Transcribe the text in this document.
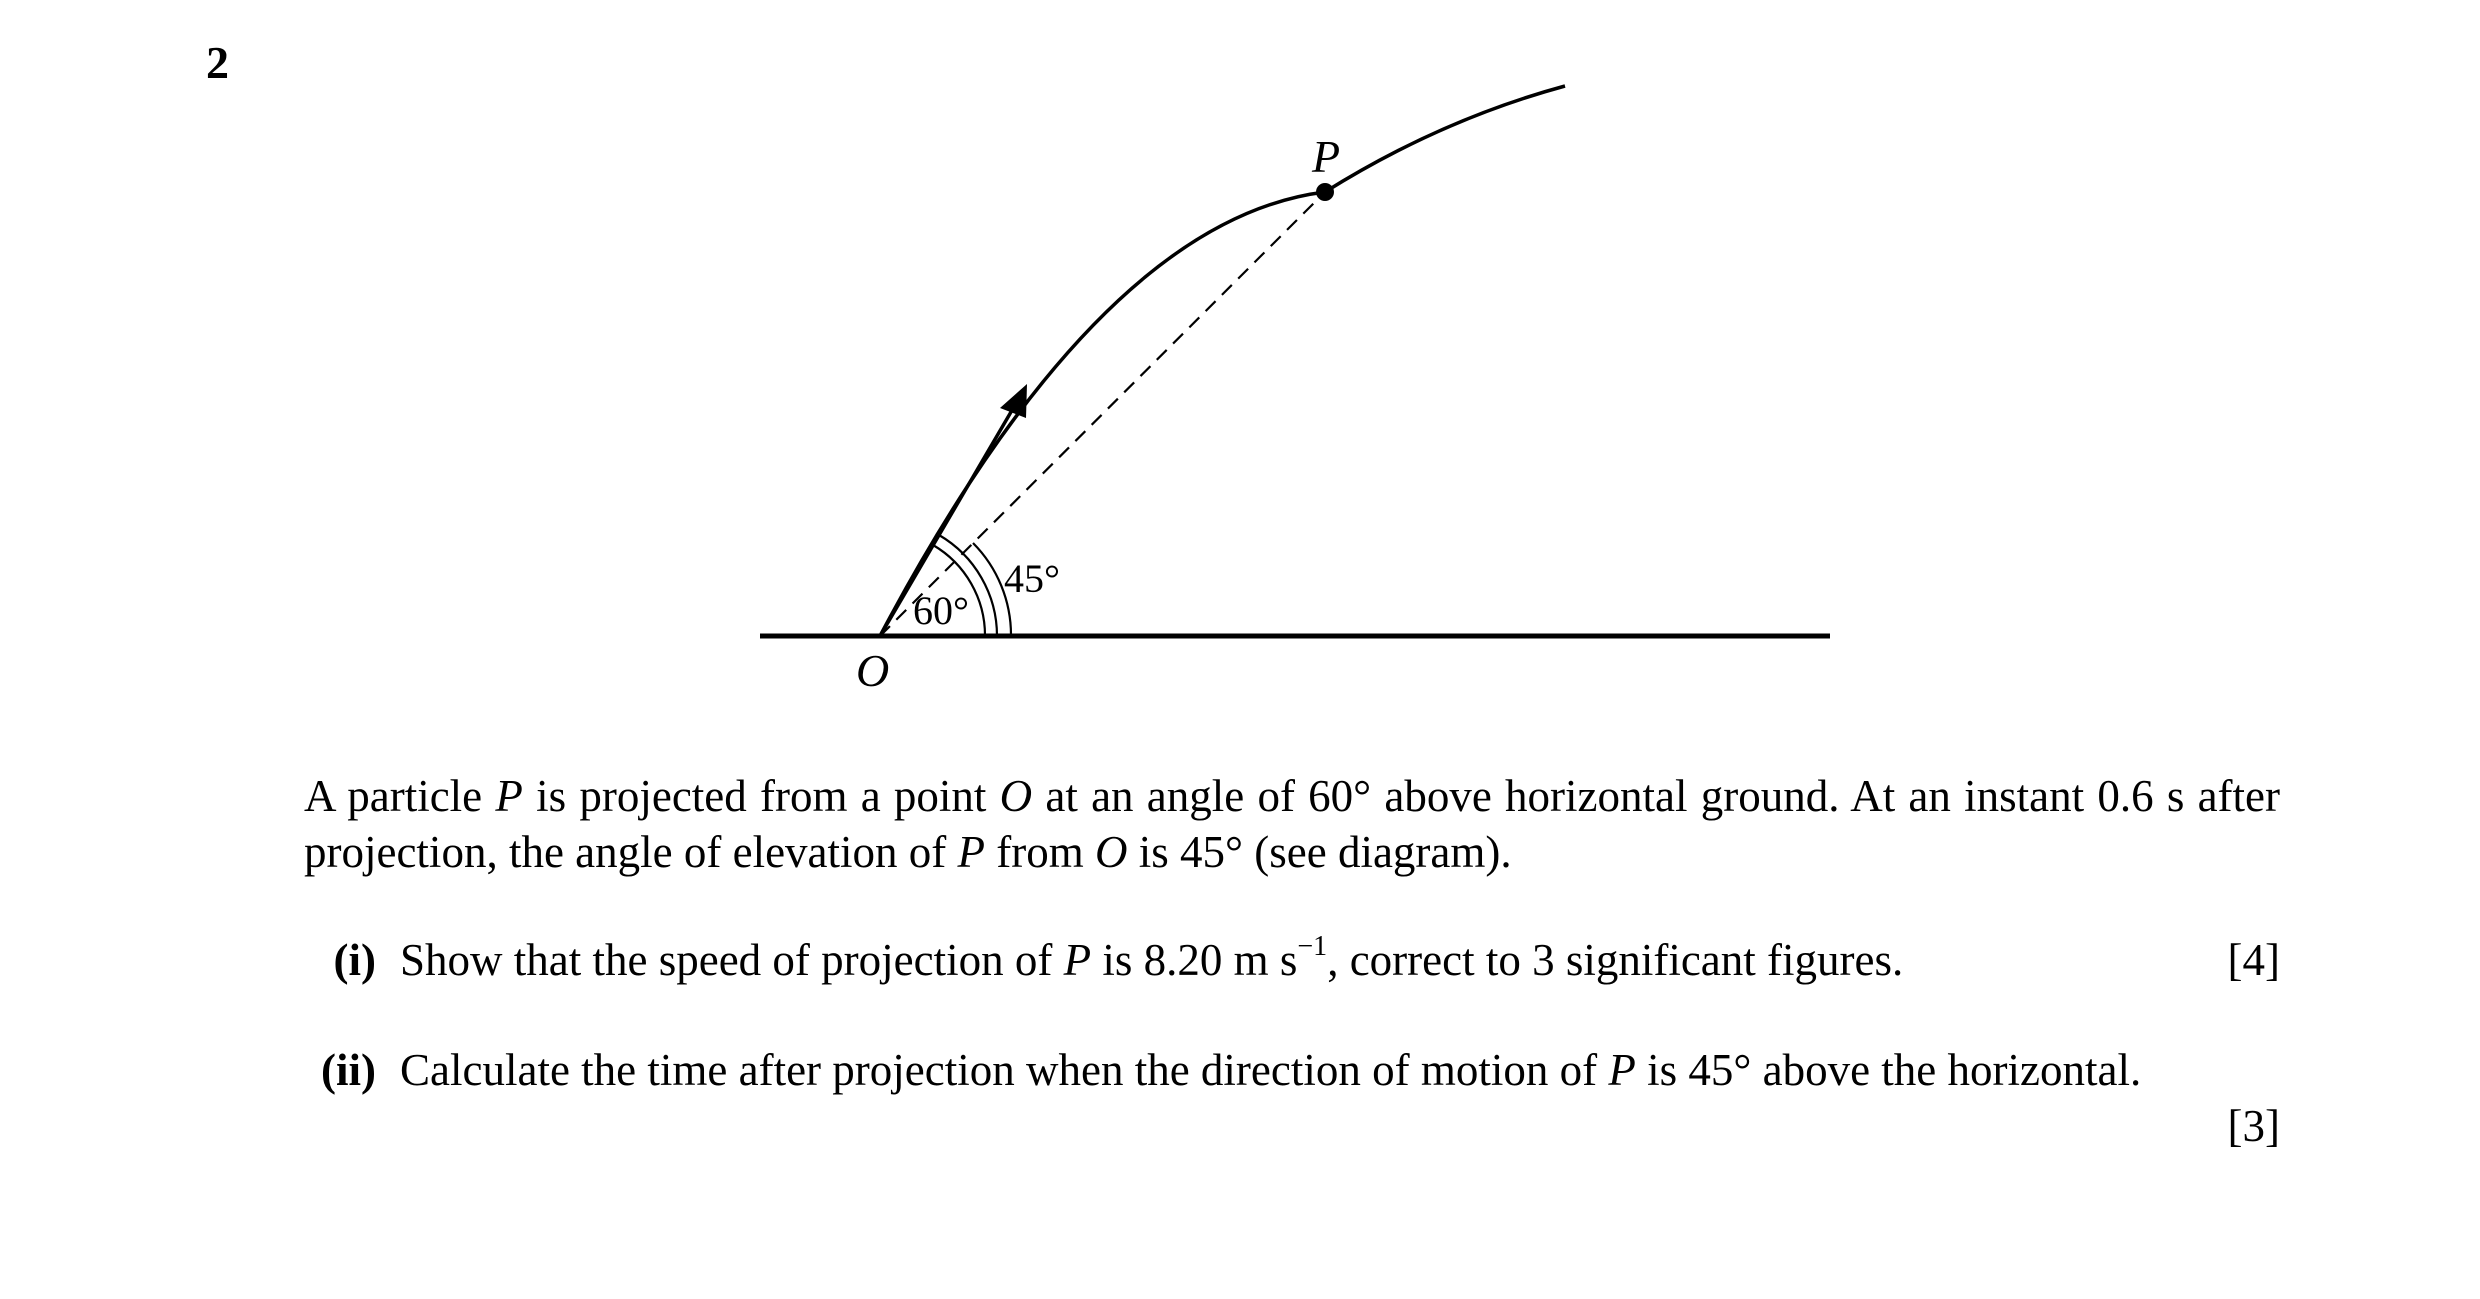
2
P
O
60°
45°
A particle P is projected from a point O at an angle of 60° above horizontal ground. At an instant 0.6 s after projection, the angle of elevation of P from O is 45° (see diagram).
(i) Show that the speed of projection of P is 8.20 m $s^{-1}$, correct to 3 significant figures.	[4]
(ii) Calculate the time after projection when the direction of motion of P is 45° above the horizontal.
[3]
